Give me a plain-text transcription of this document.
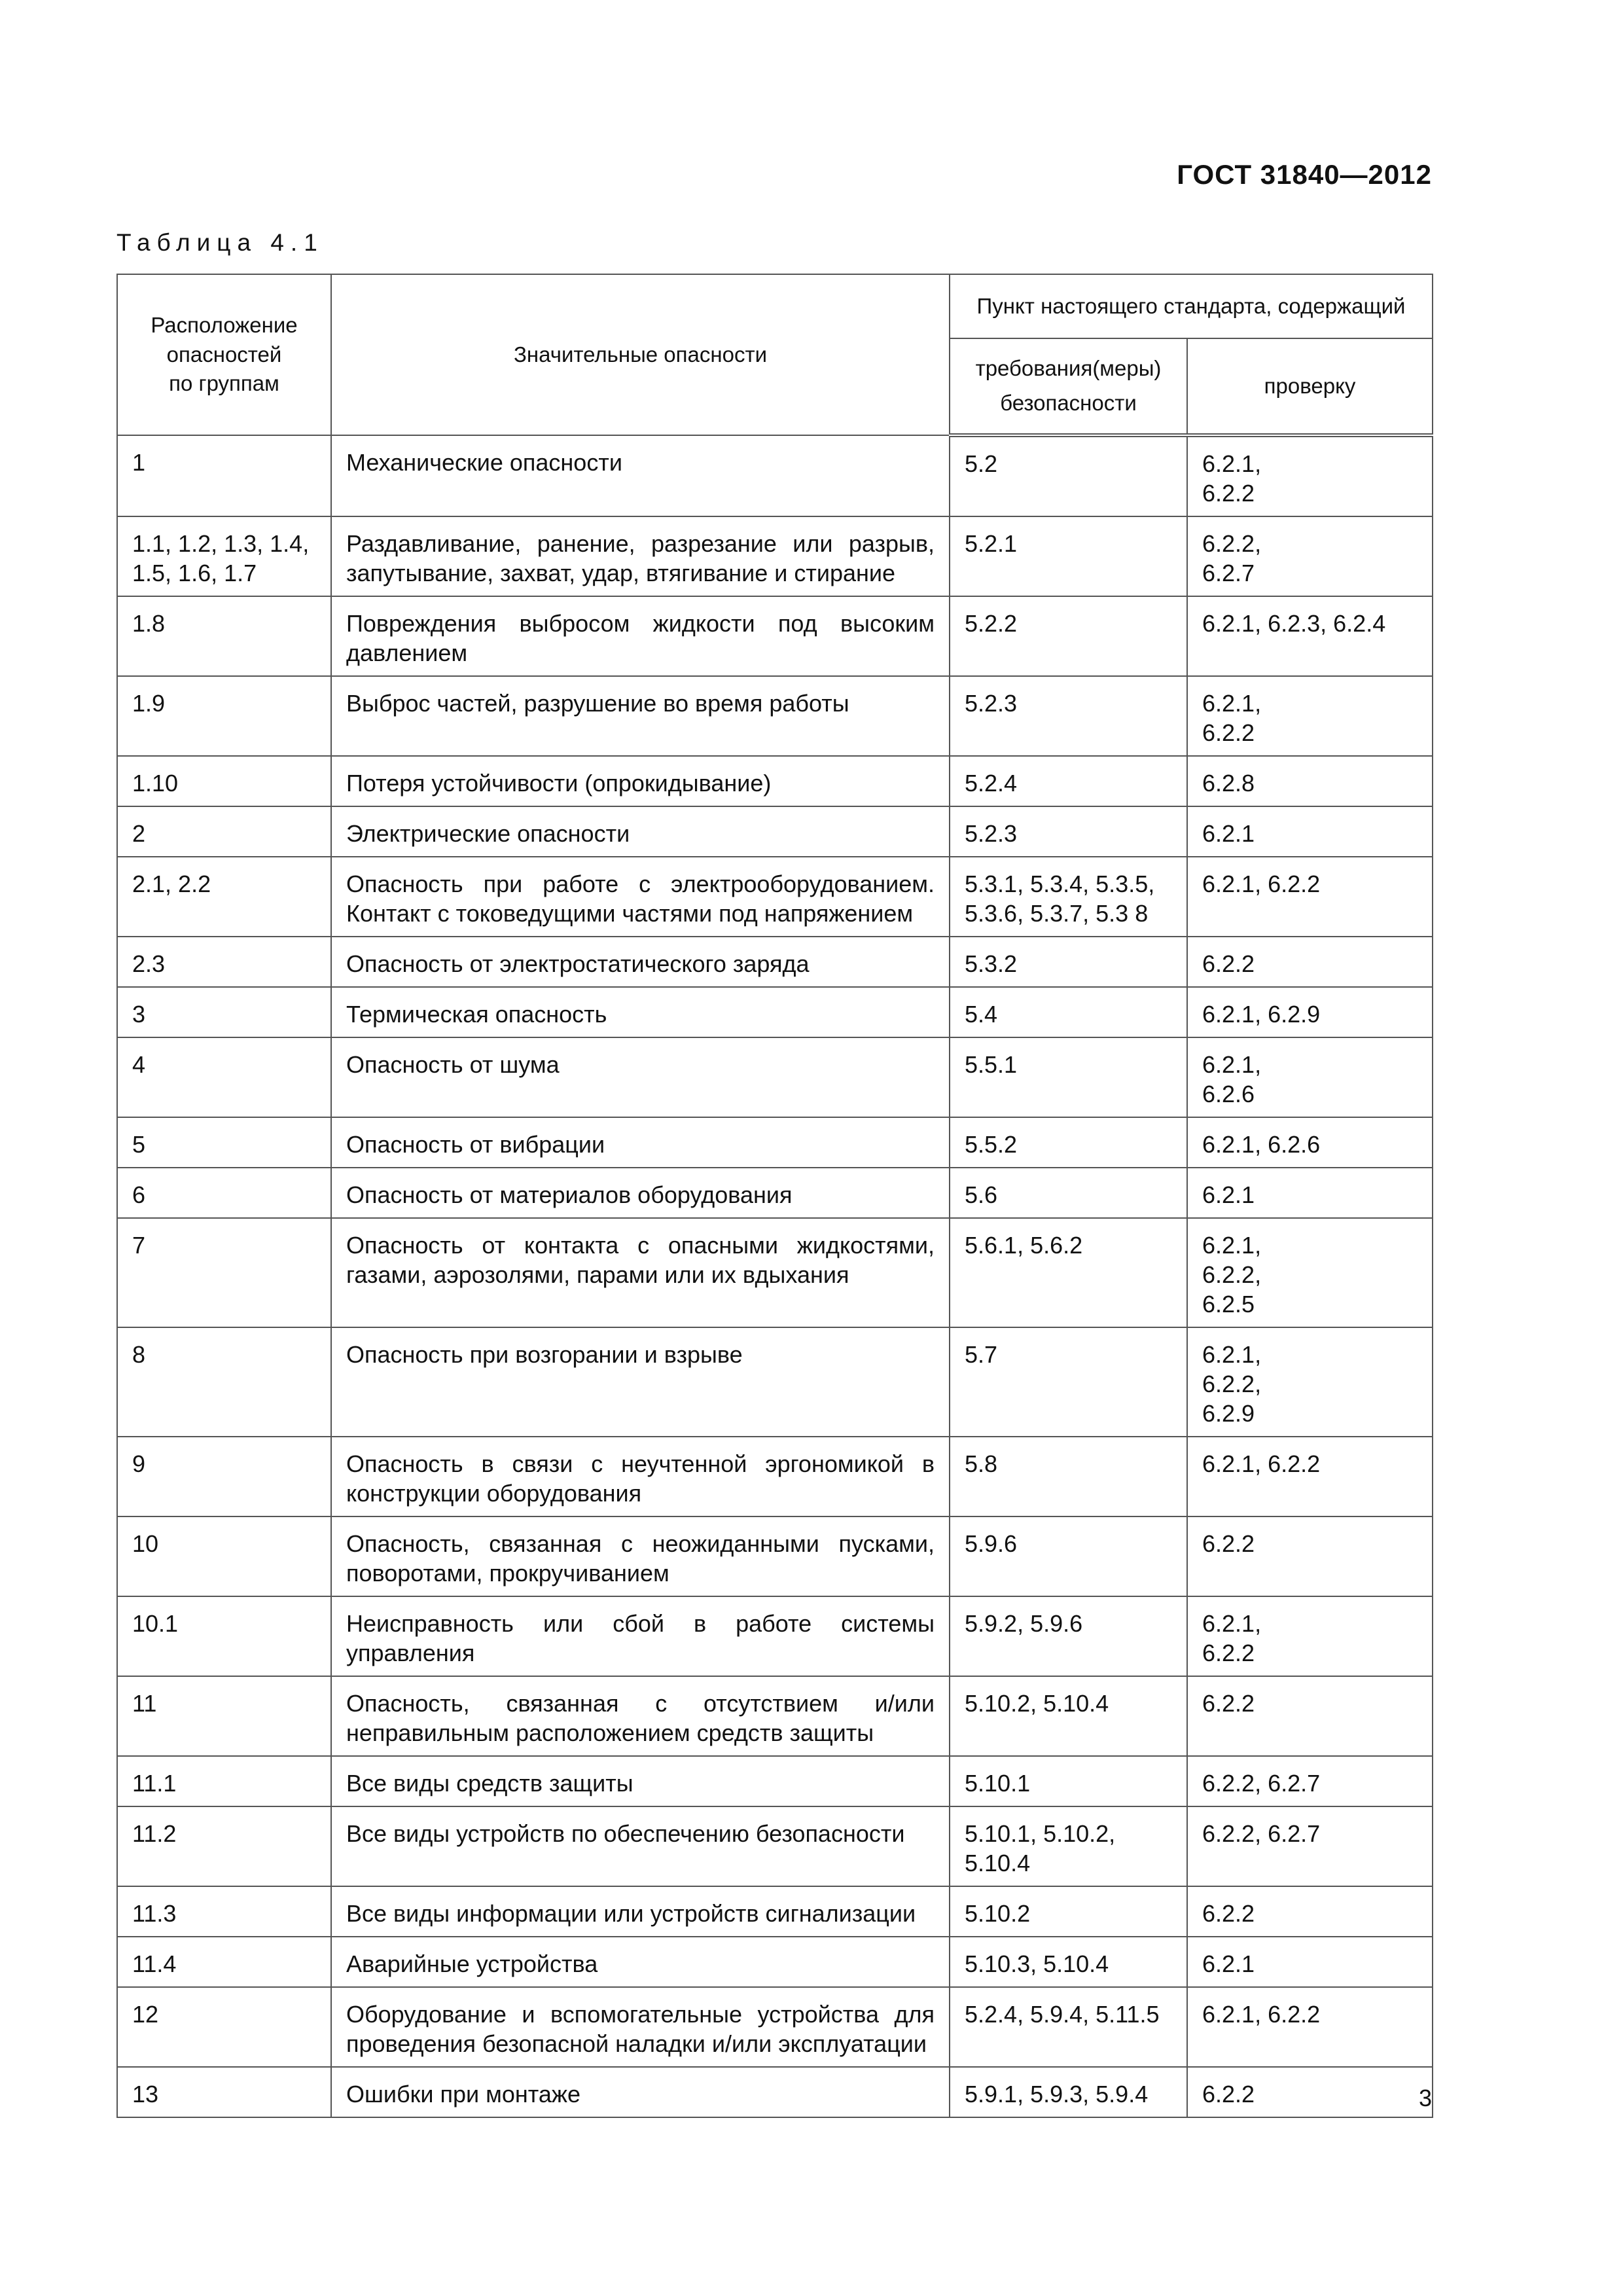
ГОСТ 31840—2012
Таблица 4.1
Расположение
опасностей
по группам	Значительные опасности	Пункт настоящего стандарта, содержащий	
		требования(меры)
безопасности	проверку

1	Механические опасности	5.2	6.2.1,
6.2.2

1.1, 1.2, 1.3, 1.4,
1.5, 1.6, 1.7	Раздавливание, ранение, разрезание или разрыв, запутывание, захват, удар, втягивание и стирание	5.2.1	6.2.2,
6.2.7

1.8	Повреждения выбросом жидкости под высоким давлением	5.2.2	6.2.1, 6.2.3, 6.2.4

1.9	Выброс частей, разрушение во время работы	5.2.3	6.2.1,
6.2.2

1.10	Потеря устойчивости (опрокидывание)	5.2.4	6.2.8

2	Электрические опасности	5.2.3	6.2.1

2.1, 2.2	Опасность при работе с электрооборудованием. Контакт с токоведущими частями под напряжением	5.3.1, 5.3.4, 5.3.5,
5.3.6, 5.3.7, 5.3 8	6.2.1, 6.2.2

2.3	Опасность от электростатического заряда	5.3.2	6.2.2

3	Термическая опасность	5.4	6.2.1, 6.2.9

4	Опасность от шума	5.5.1	6.2.1,
6.2.6

5	Опасность от вибрации	5.5.2	6.2.1, 6.2.6

6	Опасность от материалов оборудования	5.6	6.2.1

7	Опасность от контакта с опасными жидкостями, газами, аэрозолями, парами или их вдыхания	5.6.1, 5.6.2	6.2.1,
6.2.2,
6.2.5

8	Опасность при возгорании и взрыве	5.7	6.2.1,
6.2.2,
6.2.9

9	Опасность в связи с неучтенной эргономикой в конструкции оборудования	5.8	6.2.1, 6.2.2

10	Опасность, связанная с неожиданными пусками, поворотами, прокручиванием	5.9.6	6.2.2

10.1	Неисправность или сбой в работе системы управления	5.9.2, 5.9.6	6.2.1,
6.2.2

11	Опасность, связанная с отсутствием и/или неправильным расположением средств защиты	5.10.2, 5.10.4	6.2.2

11.1	Все виды средств защиты	5.10.1	6.2.2, 6.2.7

11.2	Все виды устройств по обеспечению безопасности	5.10.1, 5.10.2,
5.10.4	6.2.2, 6.2.7

11.3	Все виды информации или устройств сигнализации	5.10.2	6.2.2

11.4	Аварийные устройства	5.10.3, 5.10.4	6.2.1

12	Оборудование и вспомогательные устройства для проведения безопасной наладки и/или эксплуатации	5.2.4, 5.9.4, 5.11.5	6.2.1, 6.2.2

13	Ошибки при монтаже	5.9.1, 5.9.3, 5.9.4	6.2.2	3
